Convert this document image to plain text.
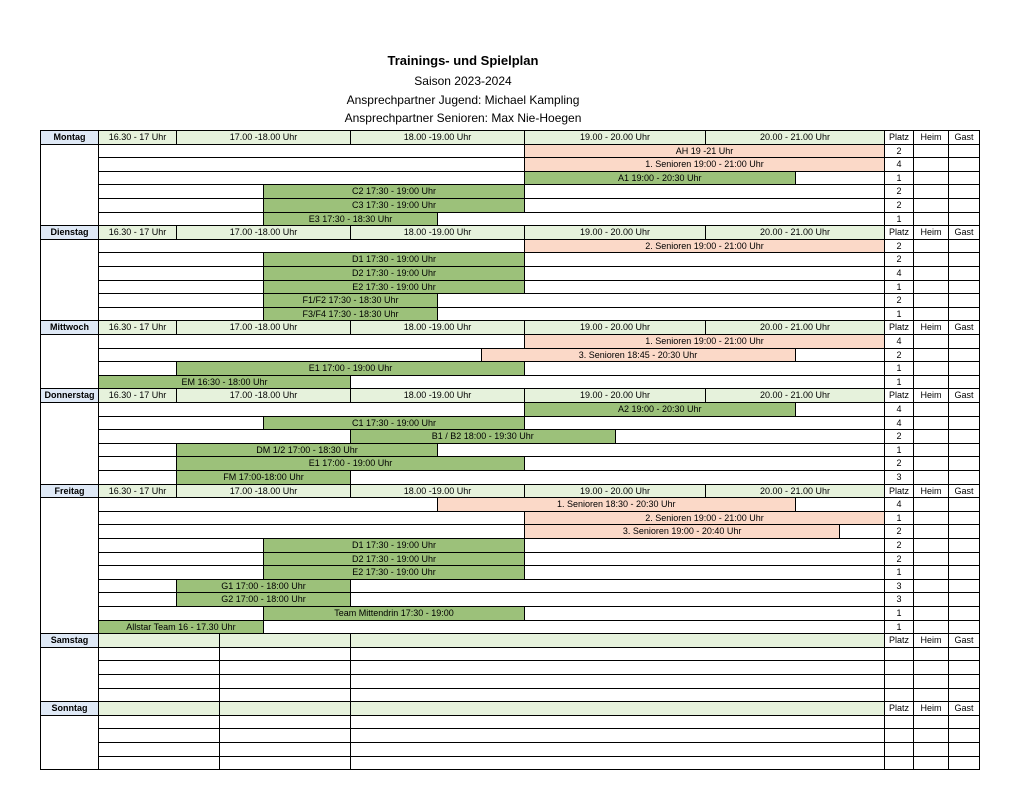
Trainings- und Spielplan
Saison 2023-2024
Ansprechpartner Jugend: Michael Kampling
Ansprechpartner Senioren: Max Nie-Hoegen
Montag	16.30 - 17 Uhr	17.00 -18.00 Uhr	18.00 -19.00 Uhr	19.00 - 20.00 Uhr	20.00 - 21.00 Uhr	Platz	Heim	Gast
AH 19 -21 Uhr	2
1. Senioren 19:00 - 21:00 Uhr	4
A1 19:00 - 20:30 Uhr	1
C2 17:30 - 19:00 Uhr	2
C3 17:30 - 19:00 Uhr	2
E3 17:30 - 18:30 Uhr	1
Dienstag	16.30 - 17 Uhr	17.00 -18.00 Uhr	18.00 -19.00 Uhr	19.00 - 20.00 Uhr	20.00 - 21.00 Uhr	Platz	Heim	Gast
2. Senioren 19:00 - 21:00 Uhr	2
D1 17:30 - 19:00 Uhr	2
D2 17:30 - 19:00 Uhr	4
E2 17:30 - 19:00 Uhr	1
F1/F2 17:30 - 18:30 Uhr	2
F3/F4 17:30 - 18:30 Uhr	1
Mittwoch	16.30 - 17 Uhr	17.00 -18.00 Uhr	18.00 -19.00 Uhr	19.00 - 20.00 Uhr	20.00 - 21.00 Uhr	Platz	Heim	Gast
1. Senioren 19:00 - 21:00 Uhr	4
3. Senioren 18:45 - 20:30 Uhr	2
E1 17:00 - 19:00 Uhr	1
EM 16:30 - 18:00 Uhr	1
Donnerstag	16.30 - 17 Uhr	17.00 -18.00 Uhr	18.00 -19.00 Uhr	19.00 - 20.00 Uhr	20.00 - 21.00 Uhr	Platz	Heim	Gast
A2 19:00 - 20:30 Uhr	4
C1 17:30 - 19:00 Uhr	4
B1 / B2 18:00 - 19:30 Uhr	2
DM 1/2 17:00 - 18:30 Uhr	1
E1 17:00 - 19:00 Uhr	2
FM 17:00-18:00 Uhr	3
Freitag	16.30 - 17 Uhr	17.00 -18.00 Uhr	18.00 -19.00 Uhr	19.00 - 20.00 Uhr	20.00 - 21.00 Uhr	Platz	Heim	Gast
1. Senioren 18:30 - 20:30 Uhr	4
2. Senioren 19:00 - 21:00 Uhr	1
3. Senioren 19:00 - 20:40 Uhr	2
D1 17:30 - 19:00 Uhr	2
D2 17:30 - 19:00 Uhr	2
E2 17:30 - 19:00 Uhr	1
G1 17:00 - 18:00 Uhr	3
G2 17:00 - 18:00 Uhr	3
Team Mittendrin 17:30 - 19:00	1
Allstar Team 16 - 17.30 Uhr	1
Samstag	Platz	Heim	Gast
Sonntag	Platz	Heim	Gast
